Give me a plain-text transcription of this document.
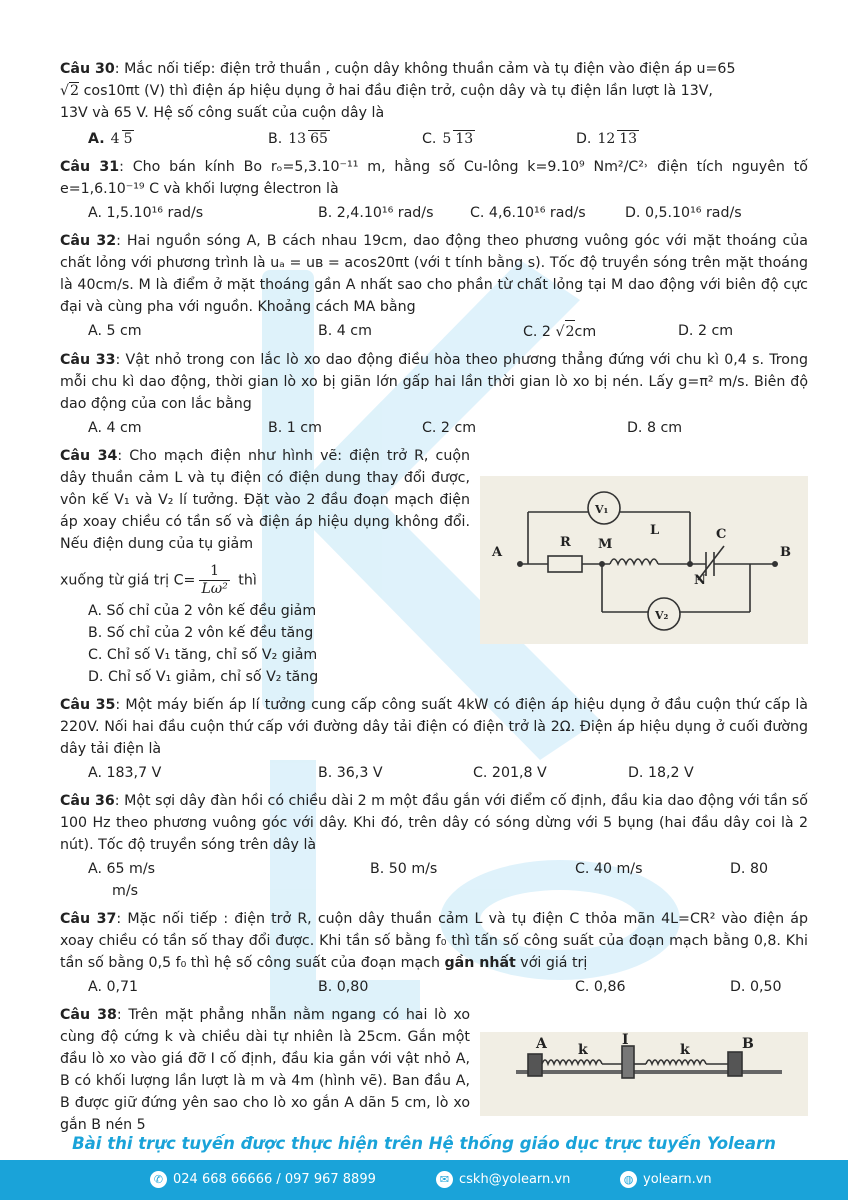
Câu 30: Mắc nối tiếp: điện trở thuần , cuộn dây không thuần cảm và tụ điện vào điện áp u=65
√2 cos10πt (V) thì điện áp hiệu dụng ở hai đầu điện trở, cuộn dây và tụ điện lần lượt là 13V,
13V và 65 V. Hệ số công suất của cuộn dây là
A. 4 5	B. 13 65	C. 5 13	D. 12 13
Câu 31: Cho bán kính Bo rₒ=5,3.10⁻¹¹ m, hằng số Cu-lông k=9.10⁹ Nm²/C²˒ điện tích nguyên tố e=1,6.10⁻¹⁹ C và khối lượng êlectron là
A. 1,5.10¹⁶ rad/s	B. 2,4.10¹⁶ rad/s	C. 4,6.10¹⁶ rad/s	D. 0,5.10¹⁶ rad/s
Câu 32: Hai nguồn sóng A, B cách nhau 19cm, dao động theo phương vuông góc với mặt thoáng của chất lỏng với phương trình là uₐ = uʙ = acos20πt (với t tính bằng s). Tốc độ truyền sóng trên mặt thoáng là 40cm/s. M là điểm ở mặt thoáng gần A nhất sao cho phần từ chất lỏng tại M dao động với biên độ cực đại và cùng pha với nguồn. Khoảng cách MA bằng
A. 5 cm	B. 4 cm	C. 2 √2cm	D. 2 cm
Câu 33: Vật nhỏ trong con lắc lò xo dao động điều hòa theo phương thẳng đứng với chu kì 0,4 s. Trong mỗi chu kì dao động, thời gian lò xo bị giãn lớn gấp hai lần thời gian lò xo bị nén. Lấy g=π² m/s. Biên độ dao động của con lắc bằng
A. 4 cm	B. 1 cm	C. 2 cm	D. 8 cm
Câu 34: Cho mạch điện như hình vẽ: điện trở R, cuộn dây thuần cảm L và tụ điện có điện dung thay đổi được, vôn kế V₁ và V₂ lí tưởng. Đặt vào 2 đầu đoạn mạch điện áp xoay chiều có tần số và điện áp hiệu dụng không đổi. Nếu điện dung của tụ giảm
xuống từ giá trị $C= \frac{1}{\text{Lω²}}$ thì
A. Số chỉ của 2 vôn kế đều giảm
B. Số chỉ của 2 vôn kế đều tăng
C. Chỉ số V₁ tăng, chỉ số V₂ giảm
D. Chỉ số V₁ giảm, chỉ số V₂ tăng
Câu 35: Một máy biến áp lí tưởng cung cấp công suất 4kW có điện áp hiệu dụng ở đầu cuộn thứ cấp là 220V. Nối hai đầu cuộn thứ cấp với đường dây tải điện có điện trở là 2Ω. Điện áp hiệu dụng ở cuối đường dây tải điện là
A. 183,7 V	B. 36,3 V	C. 201,8 V	D. 18,2 V
Câu 36: Một sợi dây đàn hồi có chiều dài 2 m một đầu gắn với điểm cố định, đầu kia dao động với tần số 100 Hz theo phương vuông góc với dây. Khi đó, trên dây có sóng dừng với 5 bụng (hai đầu dây coi là 2 nút). Tốc độ truyền sóng trên dây là
A. 65 m/s	B. 50 m/s	C. 40 m/s	D. 80
m/s
Câu 37: Mặc nối tiếp : điện trở R, cuộn dây thuần cảm L và tụ điện C thỏa mãn 4L=CR² vào điện áp xoay chiều có tần số thay đổi được. Khi tần số bằng f₀ thì tấn số công suất của đoạn mạch bằng 0,8. Khi tần số bằng 0,5 f₀ thì hệ số công suất của đoạn mạch gần nhất với giá trị
A. 0,71	B. 0,80	C. 0,86	D. 0,50
Câu 38: Trên mặt phẳng nhẵn nằm ngang có hai lò xo cùng độ cứng k và chiều dài tự nhiên là 25cm. Gắn một đầu lò xo vào giá đỡ I cố định, đầu kia gắn với vật nhỏ A, B có khối lượng lần lượt là m và 4m (hình vẽ). Ban đầu A, B được giữ đứng yên sao cho lò xo gắn A dãn 5 cm, lò xo gắn B nén 5
A
R M
L	C
N
B
V₁
V₂
A k
I
k	B
Bài thi trực tuyến được thực hiện trên Hệ thống giáo dục trực tuyến Yolearn
✆ 024 668 66666 / 097 967 8899	✉ cskh@yolearn.vn	◍ yolearn.vn
